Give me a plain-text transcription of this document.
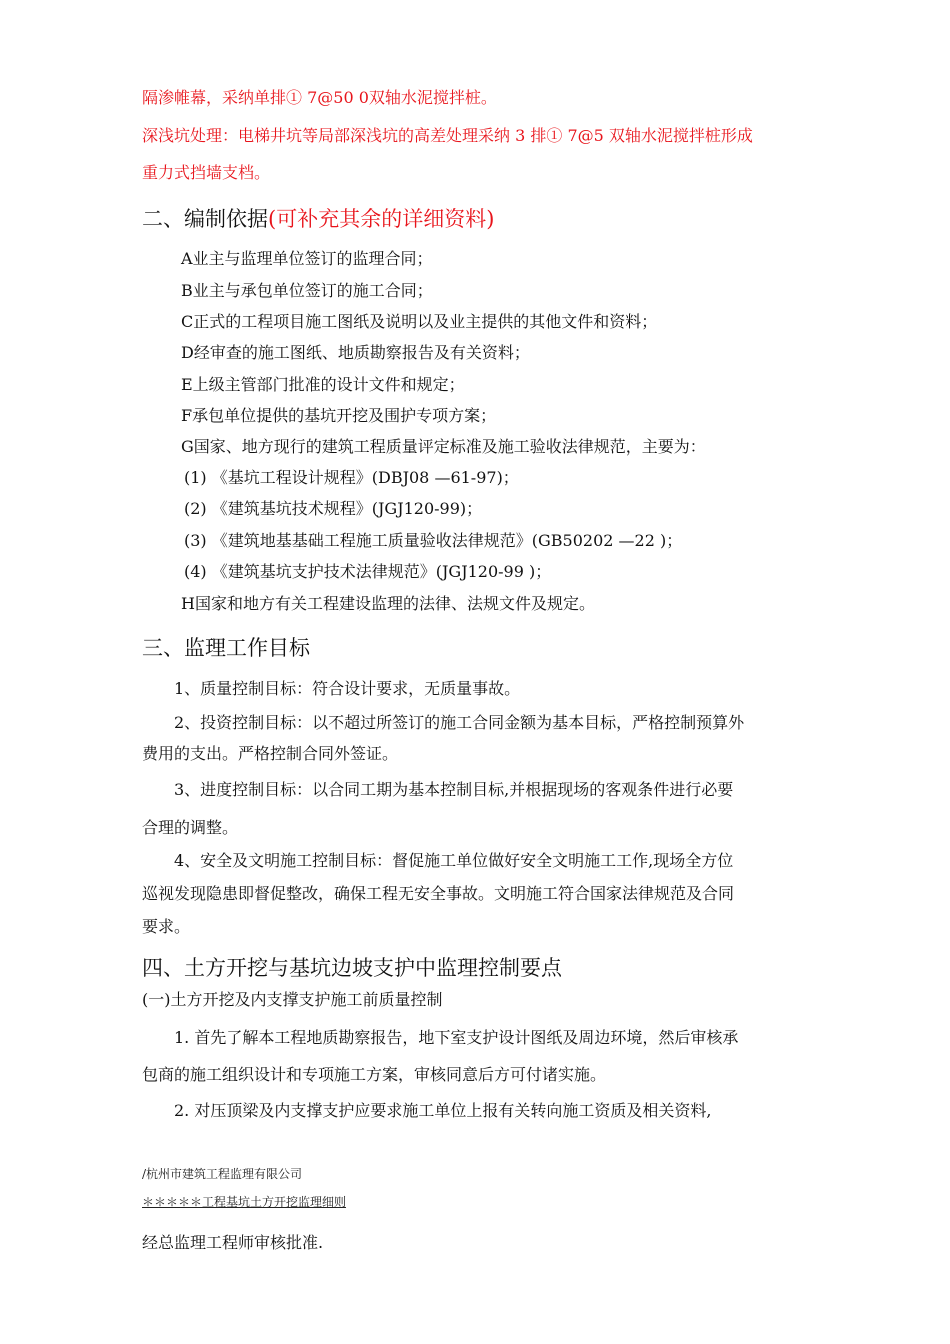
隔渗帷幕，采纳单排① 7@50 0双轴水泥搅拌桩。
深浅坑处理：电梯井坑等局部深浅坑的高差处理采纳 3 排① 7@5 双轴水泥搅拌桩形成
重力式挡墙支档。
二、编制依据(可补充其余的详细资料)
A业主与监理单位签订的监理合同；
B业主与承包单位签订的施工合同；
C正式的工程项目施工图纸及说明以及业主提供的其他文件和资料；
D经审查的施工图纸、地质勘察报告及有关资料；
E上级主管部门批准的设计文件和规定；
F承包单位提供的基坑开挖及围护专项方案；
G国家、地方现行的建筑工程质量评定标准及施工验收法律规范，主要为：
(1) 《基坑工程设计规程》(DBJ08 —61-97)；
(2) 《建筑基坑技术规程》(JGJ120-99)；
(3) 《建筑地基基础工程施工质量验收法律规范》(GB50202 —22 )；
(4) 《建筑基坑支护技术法律规范》(JGJ120-99 )；
H国家和地方有关工程建设监理的法律、法规文件及规定。
三、监理工作目标
1、质量控制目标：符合设计要求，无质量事故。
2、投资控制目标：以不超过所签订的施工合同金额为基本目标，严格控制预算外
费用的支出。严格控制合同外签证。
3、进度控制目标：以合同工期为基本控制目标,并根据现场的客观条件进行必要
合理的调整。
4、安全及文明施工控制目标：督促施工单位做好安全文明施工工作,现场全方位
巡视发现隐患即督促整改，确保工程无安全事故。文明施工符合国家法律规范及合同
要求。
四、土方开挖与基坑边坡支护中监理控制要点
(一)土方开挖及内支撑支护施工前质量控制
1. 首先了解本工程地质勘察报告，地下室支护设计图纸及周边环境，然后审核承
包商的施工组织设计和专项施工方案，审核同意后方可付诸实施。
2. 对压顶梁及内支撑支护应要求施工单位上报有关转向施工资质及相关资料,
/杭州市建筑工程监理有限公司
＊＊＊＊＊工程基坑土方开挖监理细则
经总监理工程师审核批准.
